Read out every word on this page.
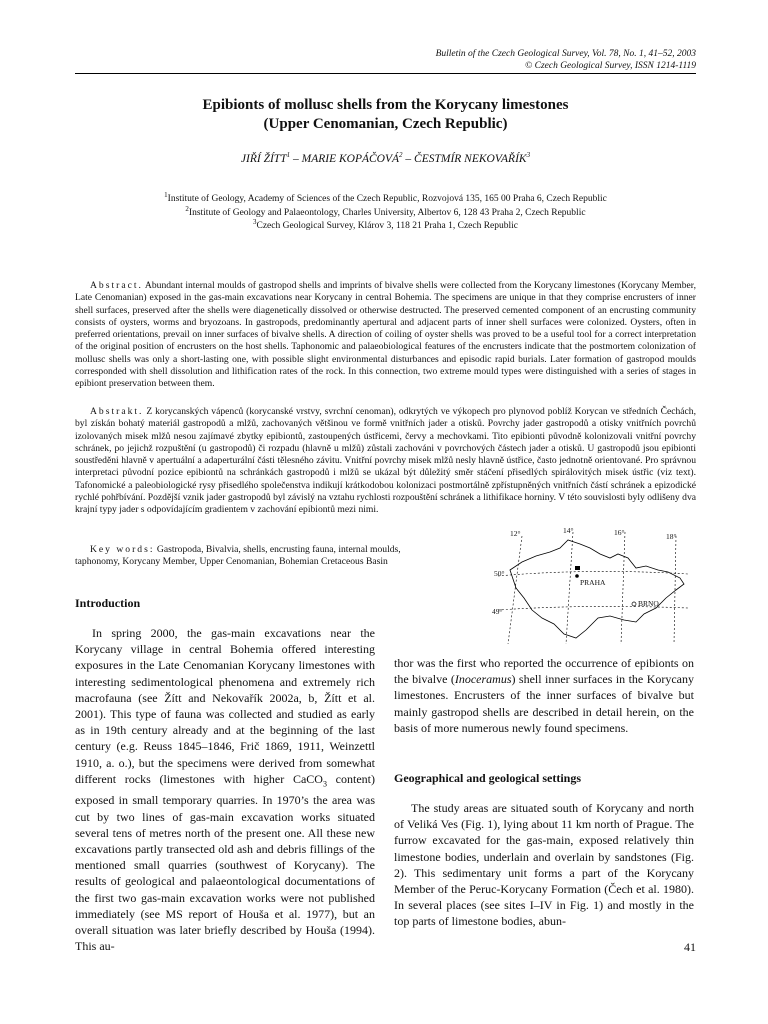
Bulletin of the Czech Geological Survey, Vol. 78, No. 1, 41–52, 2003
© Czech Geological Survey, ISSN 1214-1119
Epibionts of mollusc shells from the Korycany limestones
(Upper Cenomanian, Czech Republic)
JIŘÍ ŽÍTT$^1$ – MARIE KOPÁČOVÁ$^2$ – ČESTMÍR NEKOVAŘÍK$^3$
$^1$Institute of Geology, Academy of Sciences of the Czech Republic, Rozvojová 135, 165 00 Praha 6, Czech Republic
$^2$Institute of Geology and Palaeontology, Charles University, Albertov 6, 128 43 Praha 2, Czech Republic
$^3$Czech Geological Survey, Klárov 3, 118 21 Praha 1, Czech Republic

Abstract. Abundant internal moulds of gastropod shells and imprints of bivalve shells were collected from the Korycany limestones (Korycany Member, Late Cenomanian) exposed in the gas-main excavations near Korycany in central Bohemia. The specimens are unique in that they comprise encrusters of inner shell surfaces, preserved after the shells were diagenetically dissolved or otherwise destructed. The preserved cemented component of an encrusting community consists of oysters, worms and bryozoans. In gastropods, predominantly apertural and adjacent parts of inner shell surfaces were colonized. Oysters, often in preferred orientations, prevail on inner surfaces of bivalve shells. A direction of coiling of oyster shells was proved to be a useful tool for a correct interpretation of the original position of encrusters on the host shells. Taphonomic and palaeobiological features of the encrusters indicate that the postmortem colonization of mollusc shells was only a short-lasting one, with possible slight environmental disturbances and episodic rapid burials. Later formation of gastropod moulds corresponded with shell dissolution and lithification rates of the rock. In this connection, two extreme mould types were distinguished with a series of stages in epibiont preservation between them.

Abstrakt. Z korycanských vápenců (korycanské vrstvy, svrchní cenoman), odkrytých ve výkopech pro plynovod poblíž Korycan ve středních Čechách, byl získán bohatý materiál gastropodů a mlžů, zachovaných většinou ve formě vnitřních jader a otisků. Povrchy jader gastropodů a otisky vnitřních povrchů izolovaných misek mlžů nesou zajímavé zbytky epibiontů, zastoupených ústřicemi, červy a mechovkami. Tito epibionti původně kolonizovali vnitřní povrchy schránek, po jejichž rozpuštění (u gastropodů) či rozpadu (hlavně u mlžů) zůstali zachováni v povrchových částech jader a otisků. U gastropodů jsou epibionti soustředěni hlavně v apertuální a adaperturální části tělesného závitu. Vnitřní povrchy misek mlžů nesly hlavně ústřice, často jednotně orientované. Pro správnou interpretaci původní pozice epibiontů na schránkách gastropodů i mlžů se ukázal být důležitý směr stáčení přisedlých spirálovitých misek ústřic (viz text). Tafonomické a paleobiologické rysy přisedlého společenstva indikují krátkodobou kolonizaci postmortálně zpřístupněných vnitřních částí schránek a epizodické rychlé pohřbívání. Pozdější vznik jader gastropodů byl závislý na vztahu rychlosti rozpouštění schránek a lithifikace horniny. V této souvislosti byly odlišeny dva krajní typy jader s odpovídajícím gradientem v zachování epibiontů mezi nimi.

Key words: Gastropoda, Bivalvia, shells, encrusting fauna, internal moulds, taphonomy, Korycany Member, Upper Cenomanian, Bohemian Cretaceous Basin

12°	14°	16°	18°
50°
49°
PRAHA
BRNO
Introduction

In spring 2000, the gas-main excavations near the Korycany village in central Bohemia offered interesting exposures in the Late Cenomanian Korycany limestones with interesting sedimentological phenomena and extremely rich macrofauna (see Žítt and Nekovařík 2002a, b, Žítt et al. 2001). This type of fauna was collected and studied as early as in 19th century already and at the beginning of the last century (e.g. Reuss 1845–1846, Frič 1869, 1911, Weinzettl 1910, a. o.), but the specimens were derived from somewhat different rocks (limestones with higher CaCO$_3$ content) exposed in small temporary quarries. In 1970’s the area was cut by two lines of gas-main excavation works situated several tens of metres north of the present one. All these new excavations partly transected old ash and debris fillings of the mentioned small quarries (southwest of Korycany). The results of geological and palaeontological documentations of the first two gas-main excavation works were not published immediately (see MS report of Houša et al. 1977), but an overall situation was later briefly described by Houša (1994). This au-

thor was the first who reported the occurrence of epibionts on the bivalve (Inoceramus) shell inner surfaces in the Korycany limestones. Encrusters of the inner surfaces of bivalve but mainly gastropod shells are described in detail herein, on the basis of more numerous newly found specimens.

Geographical and geological settings

The study areas are situated south of Korycany and north of Veliká Ves (Fig. 1), lying about 11 km north of Prague. The furrow excavated for the gas-main, exposed relatively thin limestone bodies, underlain and overlain by sandstones (Fig. 2). This sedimentary unit forms a part of the Korycany Member of the Peruc-Korycany Formation (Čech et al. 1980). In several places (see sites I–IV in Fig. 1) and mostly in the top parts of limestone bodies, abun-

41
